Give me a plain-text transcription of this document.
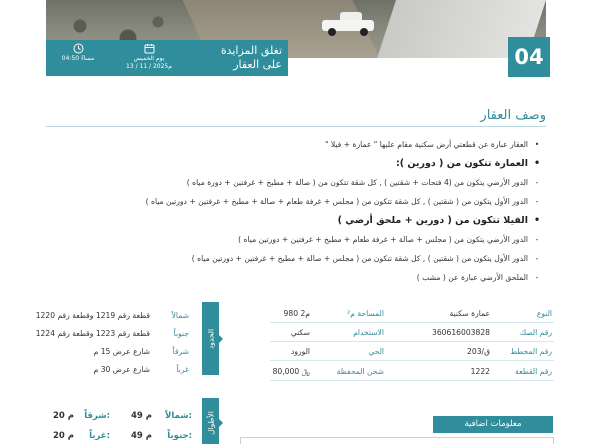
تغلق المزايدة على العقار
يوم الخميس
13 / 11 / 2025م
04:50 مساءً	04
وصف العقار
•
العقار عبارة عن قطعتي أرض سكنية مقام عليها " عمارة + فيلا "
•
العمارة تتكون من ( دورين ):
-
الدور الأرضي يتكون من (4 فتحات + شقتين ) , كل شقة تتكون من ( صالة + مطبخ + غرفتين + دورة مياه )
-
الدور الأول يتكون من ( شقتين ) , كل شقة تتكون من ( مجلس + غرفة طعام + صالة + مطبخ + غرفتين + دورتين مياه )
•
الفيلا تتكون من ( دورين + ملحق أرضي )
-
الدور الأرضي يتكون من ( مجلس + صالة + غرفة طعام + مطبخ + غرفتين + دورتين مياه )
-
الدور الأول يتكون من ( شقتين ) , كل شقة تتكون من ( مجلس + صالة + مطبخ + غرفتين + دورتين مياه )
-
الملحق الأرضي عبارة عن ( مشب )
النوع
عمارة سكنية
رقم الصك
360616003828
رقم المخطط
203/ق
رقم القطعة
1222
المساحة م²
980 م2
الاستخدام
سكني
الحي
الورود
شحن المحفظة
80,000 ﷼
الحدود
شمالاً
قطعة رقم 1219 وقطعة رقم 1220
جنوباً
قطعة رقم 1223 وقطعة رقم 1224
شرقاً
شارع عرض 15 م
غرباً
شارع عرض 30 م
الأطوال
شمالاً:
49 م
شرقاً:
20 م
جنوباً:
49 م
غرباً:
20 م
معلومات اضافية
